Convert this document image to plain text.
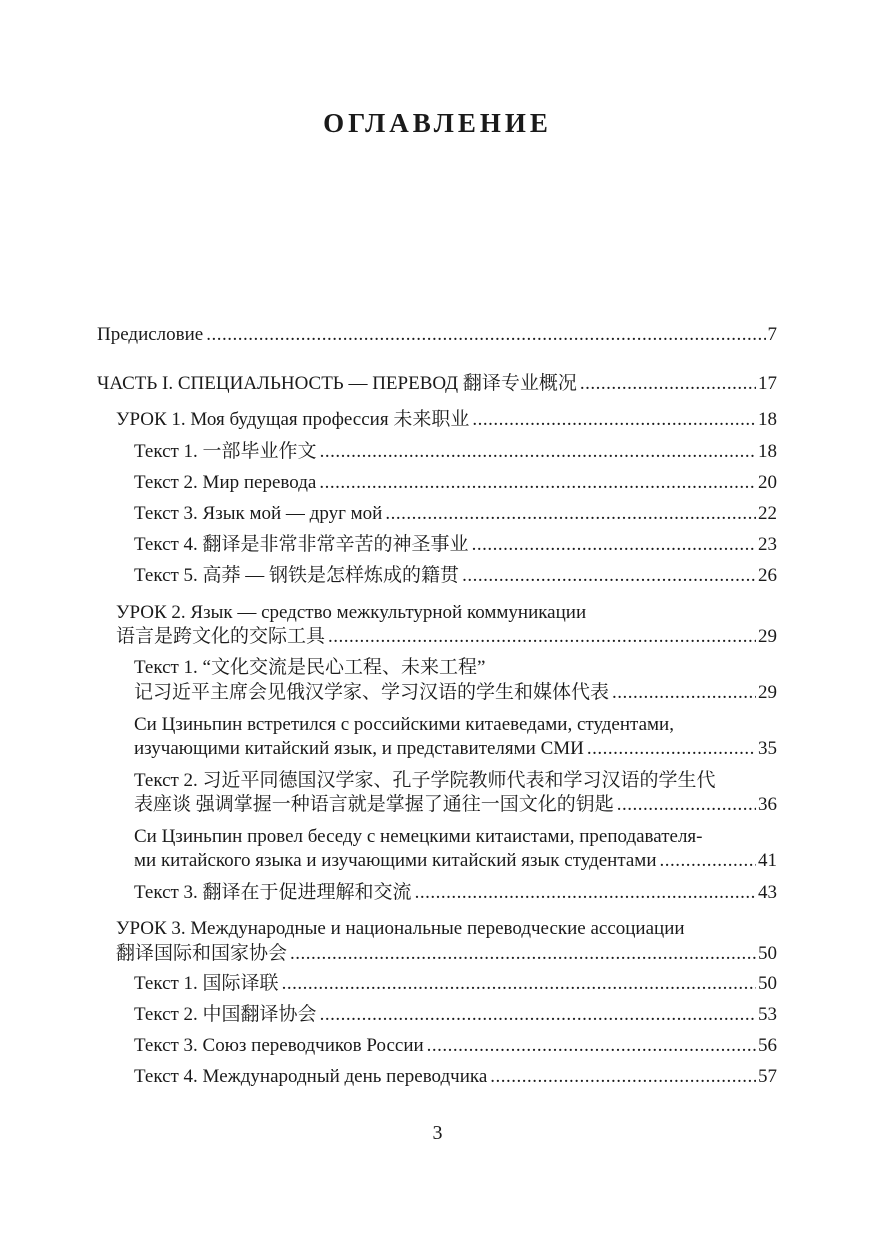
ОГЛАВЛЕНИЕ
Предисловие .....	7
ЧАСТЬ I. СПЕЦИАЛЬНОСТЬ — ПЕРЕВОД 翻译专业概况 .....	17
УРОК 1. Моя будущая профессия 未来职业 .....	18
Текст 1. 一部毕业作文 .....	18
Текст 2. Мир перевода .....	20
Текст 3. Язык мой — друг мой .....	22
Текст 4. 翻译是非常非常辛苦的神圣事业 .....	23
Текст 5. 高莽 — 钢铁是怎样炼成的籍贯 .....	26
УРОК 2. Язык — средство межкультурной коммуникации
语言是跨文化的交际工具 .....	29
Текст 1. “文化交流是民心工程、未来工程”
记习近平主席会见俄汉学家、学习汉语的学生和媒体代表 .....	29
Си Цзиньпин встретился с российскими китаеведами, студентами,
изучающими китайский язык, и представителями СМИ .....	35
Текст 2. 习近平同德国汉学家、孔子学院教师代表和学习汉语的学生代
表座谈 强调掌握一种语言就是掌握了通往一国文化的钥匙 .....	36
Си Цзиньпин провел беседу с немецкими китаистами, преподавателя-
ми китайского языка и изучающими китайский язык студентами .....	41
Текст 3. 翻译在于促进理解和交流 .....	43
УРОК 3. Международные и национальные переводческие ассоциации
翻译国际和国家协会 .....	50
Текст 1. 国际译联 .....	50
Текст 2. 中国翻译协会 .....	53
Текст 3. Союз переводчиков России .....	56
Текст 4. Международный день переводчика .....	57
3
